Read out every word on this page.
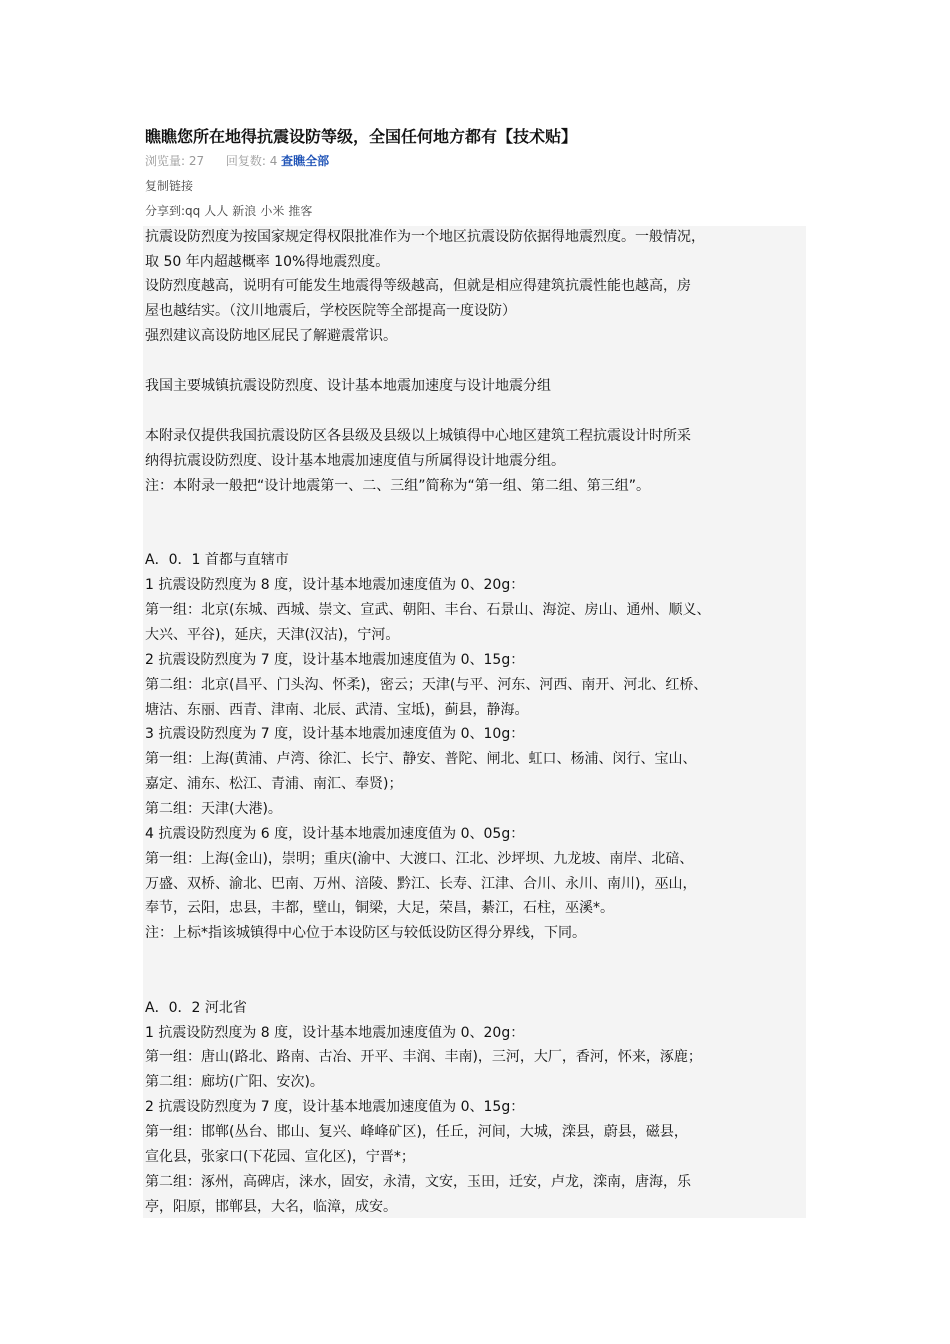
瞧瞧您所在地得抗震设防等级，全国任何地方都有【技术贴】
浏览量: 27 回复数: 4 查瞧全部
复制链接
分享到:qq 人人 新浪 小米 推客
抗震设防烈度为按国家规定得权限批准作为一个地区抗震设防依据得地震烈度。一般情况，
取 50 年内超越概率 10%得地震烈度。
设防烈度越高，说明有可能发生地震得等级越高，但就是相应得建筑抗震性能也越高，房
屋也越结实。（汶川地震后，学校医院等全部提高一度设防）
强烈建议高设防地区屁民了解避震常识。
我国主要城镇抗震设防烈度、设计基本地震加速度与设计地震分组
本附录仅提供我国抗震设防区各县级及县级以上城镇得中心地区建筑工程抗震设计时所采
纳得抗震设防烈度、设计基本地震加速度值与所属得设计地震分组。
注：本附录一般把“设计地震第一、二、三组”简称为“第一组、第二组、第三组”。
A．0．1 首都与直辖市
1 抗震设防烈度为 8 度，设计基本地震加速度值为 0、20g：
第一组：北京(东城、西城、崇文、宣武、朝阳、丰台、石景山、海淀、房山、通州、顺义、
大兴、平谷)，延庆，天津(汉沽)，宁河。
2 抗震设防烈度为 7 度，设计基本地震加速度值为 0、15g：
第二组：北京(昌平、门头沟、怀柔)，密云；天津(与平、河东、河西、南开、河北、红桥、
塘沽、东丽、西青、津南、北辰、武清、宝坻)，蓟县，静海。
3 抗震设防烈度为 7 度，设计基本地震加速度值为 0、10g：
第一组：上海(黄浦、卢湾、徐汇、长宁、静安、普陀、闸北、虹口、杨浦、闵行、宝山、
嘉定、浦东、松江、青浦、南汇、奉贤)；
第二组：天津(大港)。
4 抗震设防烈度为 6 度，设计基本地震加速度值为 0、05g：
第一组：上海(金山)，崇明；重庆(渝中、大渡口、江北、沙坪坝、九龙坡、南岸、北碚、
万盛、双桥、渝北、巴南、万州、涪陵、黔江、长寿、江津、合川、永川、南川)，巫山，
奉节，云阳，忠县，丰都，壁山，铜梁，大足，荣昌，綦江，石柱，巫溪*。
注：上标*指该城镇得中心位于本设防区与较低设防区得分界线，下同。
A．0．2 河北省
1 抗震设防烈度为 8 度，设计基本地震加速度值为 0、20g：
第一组：唐山(路北、路南、古冶、开平、丰润、丰南)，三河，大厂，香河，怀来，涿鹿；
第二组：廊坊(广阳、安次)。
2 抗震设防烈度为 7 度，设计基本地震加速度值为 0、15g：
第一组：邯郸(丛台、邯山、复兴、峰峰矿区)，任丘，河间，大城，滦县，蔚县，磁县，
宣化县，张家口(下花园、宣化区)，宁晋*；
第二组：涿州，高碑店，涞水，固安，永清，文安，玉田，迁安，卢龙，滦南，唐海，乐
亭，阳原，邯郸县，大名，临漳，成安。
